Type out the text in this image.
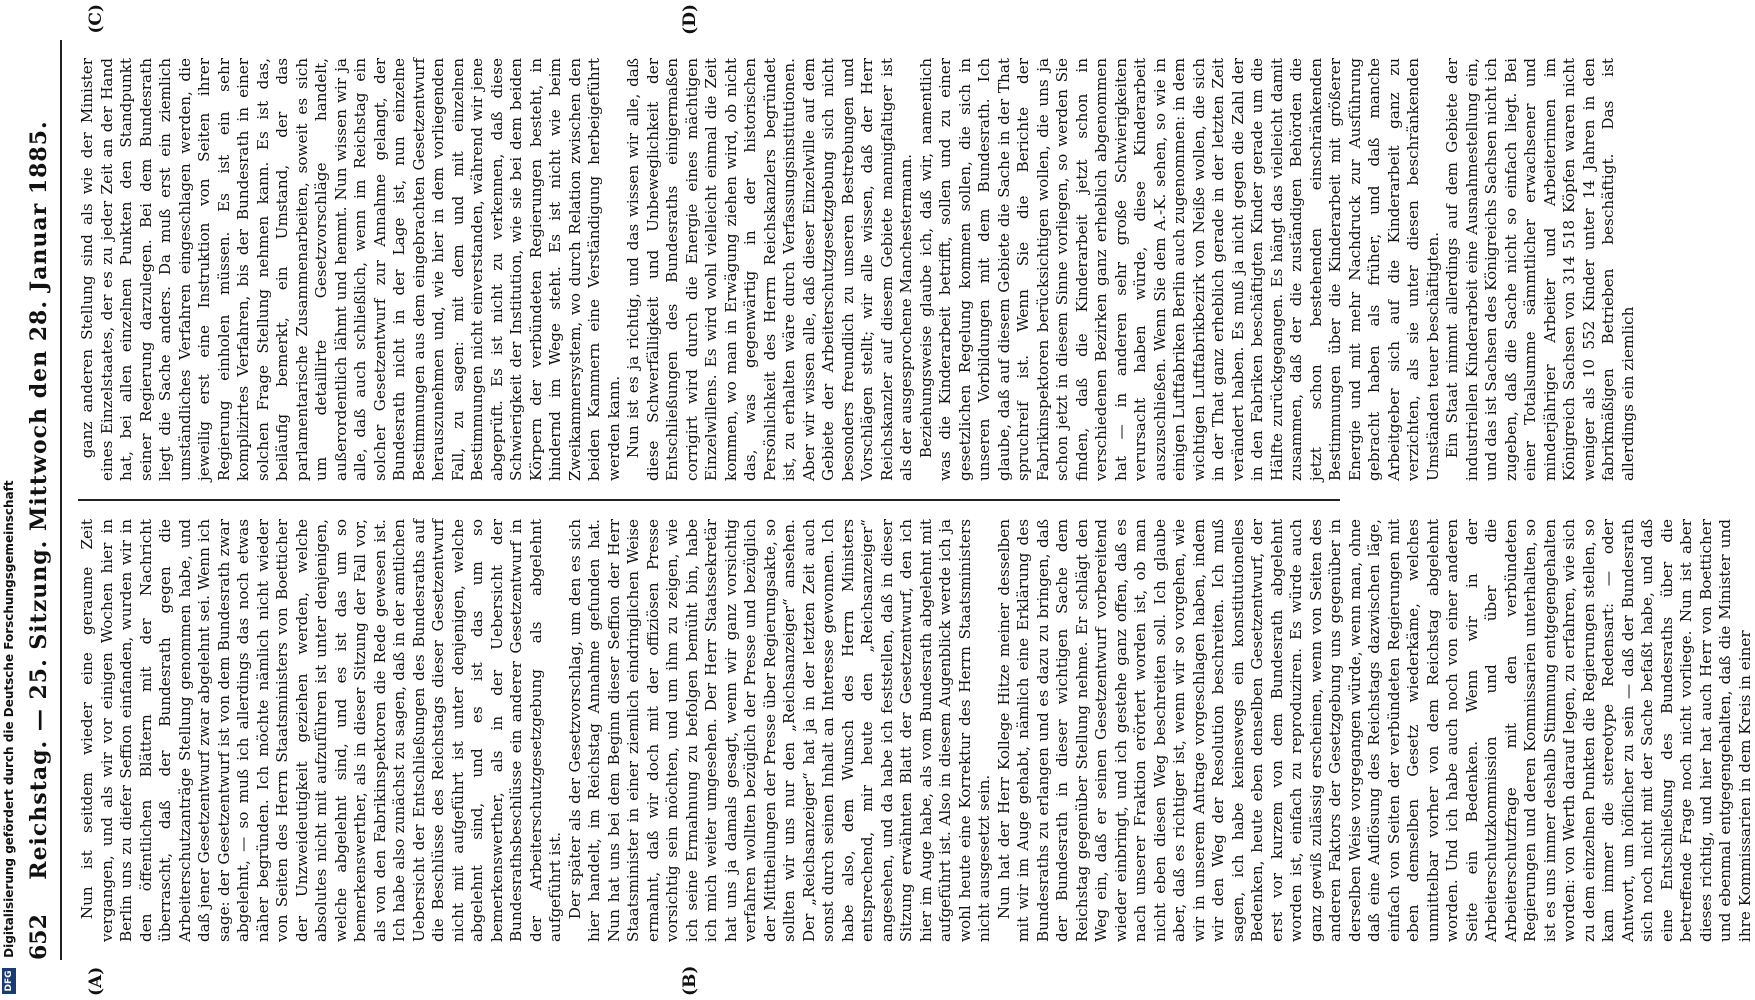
652
Reichstag. — 25. Sitzung. Mittwoch den 28. Januar 1885.
(A)	(B)
(C)	(D)

Nun ist seitdem wieder eine geraume Zeit vergangen, und als wir vor einigen Wochen hier in Berlin uns zu diefer Seffion einfanden, wurden wir in den öffentlichen Blättern mit der Nachricht überrascht, daß der Bundesrath gegen die Arbeiterschutzanträge Stellung genommen habe, und daß jener Gesetzentwurf zwar abgelehnt sei. Wenn ich sage: der Gesetzentwurf ist von dem Bundesrath zwar abgelehnt, — so muß ich allerdings das noch etwas näher begründen. Ich möchte nämlich nicht wieder von Seiten des Herrn Staatsministers von Boetticher der Unzweideutigkeit geziehen werden, welche absolutes nicht mit aufzuführen ist unter denjenigen, welche abgelehnt sind, und es ist das um so bemerkenswerther, als in dieser Sitzung der Fall vor, als von den Fabrikinspektoren die Rede gewesen ist. Ich habe also zunächst zu sagen, daß in der amtlichen Uebersicht der Entschließungen des Bundesraths auf die Beschlüsse des Reichstags dieser Gesetzentwurf nicht mit aufgeführt ist unter denjenigen, welche abgelehnt sind, und es ist das um so bemerkenswerther, als in der Uebersicht der Bundesrathsbeschlüsse ein anderer Gesetzentwurf in der Arbeiterschutzgesetzgebung als abgelehnt aufgeführt ist. Der später als der Gesetzvorschlag, um den es sich hier handelt, im Reichstag Annahme gefunden hat. Nun hat uns bei dem Beginn dieser Seffion der Herr Staatsminister in einer ziemlich eindringlichen Weise ermahnt, daß wir doch mit der offiziösen Presse vorsichtig sein möchten, und um ihm zu zeigen, wie ich seine Ermahnung zu befolgen bemüht bin, habe ich mich weiter umgesehen. Der Herr Staatssekretär hat uns ja damals gesagt, wenn wir ganz vorsichtig verfahren wollten bezüglich der Presse und bezüglich der Mittheilungen der Presse über Regierungsakte, so sollten wir uns nur den „Reichsanzeiger“ ansehen. Der „Reichsanzeiger“ hat ja in der letzten Zeit auch sonst durch seinen Inhalt an Interesse gewonnen. Ich habe also, dem Wunsch des Herrn Ministers entsprechend, mir heute den „Reichsanzeiger“ angesehen, und da habe ich feststellen, daß in dieser Sitzung erwähnten Blatt der Gesetzentwurf, den ich hier im Auge habe, als vom Bundesrath abgelehnt mit aufgeführt ist. Also in diesem Augenblick werde ich ja wohl heute eine Korrektur des Herrn Staatsministers nicht ausgesetzt sein. Nun hat der Herr Kollege Hitze meiner desselben mit wir im Auge gehabt, nämlich eine Erklärung des Bundesraths zu erlangen und es dazu zu bringen, daß der Bundesrath in dieser wichtigen Sache dem Reichstag gegenüber Stellung nehme. Er schlägt den Weg ein, daß er seinen Gesetzentwurf vorbereitend wieder einbringt, und ich gestehe ganz offen, daß es nach unserer Fraktion erörtert worden ist, ob man nicht eben diesen Weg beschreiten soll. Ich glaube aber, daß es richtiger ist, wenn wir so vorgehen, wie wir in unserem Antrage vorgeschlagen haben, indem wir den Weg der Resolution beschreiten. Ich muß sagen, ich habe keineswegs ein konstitutionelles Bedenken, heute eben denselben Gesetzentwurf, der erst vor kurzem von dem Bundesrath abgelehnt worden ist, einfach zu reproduziren. Es würde auch ganz gewiß zulässig erscheinen, wenn von Seiten des anderen Faktors der Gesetzgebung uns gegenüber in derselben Weise vorgegangen würde, wenn man, ohne daß eine Auflösung des Reichstags dazwischen läge, einfach von Seiten der verbündeten Regierungen mit eben demselben Gesetz wiederkäme, welches unmittelbar vorher von dem Reichstag abgelehnt worden. Und ich habe auch noch von einer anderen Seite ein Bedenken. Wenn wir in der Arbeiterschutzkommission und über die Arbeiterschutzfrage mit den verbündeten Regierungen und deren Kommissarien unterhalten, so ist es uns immer deshalb Stimmung entgegengehalten worden: von Werth darauf legen, zu erfahren, wie sich zu dem einzelnen Punkten die Regierungen stellen, so kam immer die stereotype Redensart: — oder Antwort, um höflicher zu sein — daß der Bundesrath sich noch nicht mit der Sache befaßt habe, und daß eine Entschließung des Bundesraths über die betreffende Frage noch nicht vorliege. Nun ist aber dieses richtig, und hier hat auch Herr von Boetticher und ebenmal entgegengehalten, daß die Minister und ihre Kommissarien in dem Kreis in einer

ganz anderen Stellung sind als wie der Minister eines Einzelstaates, der es zu jeder Zeit an der Hand hat, bei allen einzelnen Punkten den Standpunkt seiner Regierung darzulegen. Bei dem Bundesrath liegt die Sache anders. Da muß erst ein ziemlich umständliches Verfahren eingeschlagen werden, die jeweilig erst eine Instruktion von Seiten ihrer Regierung einholen müssen. Es ist ein sehr komplizirtes Verfahren, bis der Bundesrath in einer solchen Frage Stellung nehmen kann. Es ist das, beiläufig bemerkt, ein Umstand, der das parlamentarische Zusammenarbeiten, soweit es sich um detaillirte Gesetzvorschläge handelt, außerordentlich lähmt und hemmt. Nun wissen wir ja alle, daß auch schließlich, wenn im Reichstag ein solcher Gesetzentwurf zur Annahme gelangt, der Bundesrath nicht in der Lage ist, nun einzelne Bestimmungen aus dem eingebrachten Gesetzentwurf herauszunehmen und, wie hier in dem vorliegenden Fall, zu sagen: mit dem und mit einzelnen Bestimmungen nicht einverstanden, während wir jene abgeprüft. Es ist nicht zu verkennen, daß diese Schwierigkeit der Institution, wie sie bei dem beiden Körpern der verbündeten Regierungen besteht, in hindernd im Wege steht. Es ist nicht wie beim Zweikammersystem, wo durch Relation zwischen den beiden Kammern eine Verständigung herbeigeführt werden kann. Nun ist es ja richtig, und das wissen wir alle, daß diese Schwerfälligkeit und Unbeweglichkeit der Entschließungen des Bundesraths einigermaßen corrigirt wird durch die Energie eines mächtigen Einzelwillens. Es wird wohl vielleicht einmal die Zeit kommen, wo man in Erwägung ziehen wird, ob nicht das, was gegenwärtig in der historischen Persönlichkeit des Herrn Reichskanzlers begründet ist, zu erhalten wäre durch Verfassungsinstitutionen. Aber wir wissen alle, daß dieser Einzelwille auf dem Gebiete der Arbeiterschutzgesetzgebung sich nicht besonders freundlich zu unseren Bestrebungen und Vorschlägen stellt; wir alle wissen, daß der Herr Reichskanzler auf diesem Gebiete mannigfaltiger ist als der ausgesprochene Manchestermann. Beziehungsweise glaube ich, daß wir, namentlich was die Kinderarbeit betrifft, sollen und zu einer gesetzlichen Regelung kommen sollen, die sich in unseren Vorbildungen mit dem Bundesrath. Ich glaube, daß auf diesem Gebiete die Sache in der That spruchreif ist. Wenn Sie die Berichte der Fabrikinspektoren berücksichtigen wollen, die uns ja schon jetzt in diesem Sinne vorliegen, so werden Sie finden, daß die Kinderarbeit jetzt schon in verschiedenen Bezirken ganz erheblich abgenommen hat — in anderen sehr große Schwierigkeiten verursacht haben würde, diese Kinderarbeit auszuschließen. Wenn Sie dem A.-K. sehen, so wie in einigen Luftfabriken Berlin auch zugenommen: in dem wichtigen Luftfabrikbezirk von Neiße wollen, die sich in der That ganz erheblich gerade in der letzten Zeit verändert haben. Es muß ja nicht gegen die Zahl der in den Fabriken beschäftigten Kinder gerade um die Hälfte zurückgegangen. Es hängt das vielleicht damit zusammen, daß der die zuständigen Behörden die jetzt schon bestehenden einschränkenden Bestimmungen über die Kinderarbeit mit größerer Energie und mit mehr Nachdruck zur Ausführung gebracht haben als früher, und daß manche Arbeitgeber sich auf die Kinderarbeit ganz zu verzichten, als sie unter diesen beschränkenden Umständen teuer beschäftigten. Ein Staat nimmt allerdings auf dem Gebiete der industriellen Kinderarbeit eine Ausnahmestellung ein, und das ist Sachsen des Königreichs Sachsen nicht ich zugeben, daß die Sache nicht so einfach liegt. Bei einer Totalsumme sämmtlicher erwachsener und minderjähriger Arbeiter und Arbeiterinnen im Königreich Sachsen von 314 518 Köpfen waren nicht weniger als 10 552 Kinder unter 14 Jahren in den fabrikmäßigen Betrieben beschäftigt. Das ist allerdings ein ziemlich

DFG Digitalisierung gefördert durch die Deutsche Forschungsgemeinschaft
